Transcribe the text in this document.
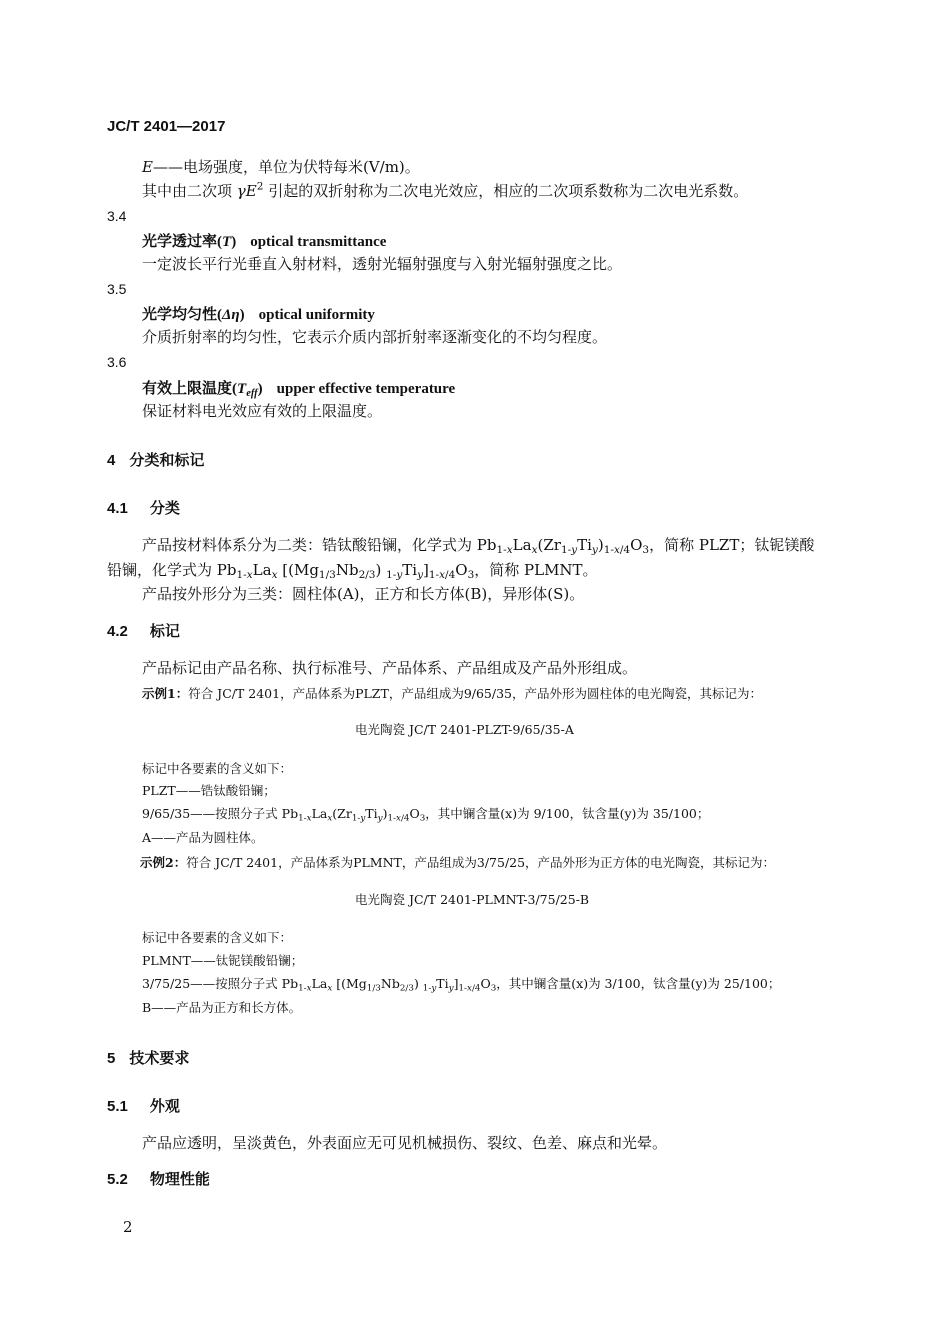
JC/T 2401—2017
E——电场强度，单位为伏特每米(V/m)。
其中由二次项 $\gamma E^2$ 引起的双折射称为二次电光效应，相应的二次项系数称为二次电光系数。
3.4
光学透过率(T) optical transmittance
一定波长平行光垂直入射材料，透射光辐射强度与入射光辐射强度之比。
3.5
光学均匀性(Δη) optical uniformity
介质折射率的均匀性，它表示介质内部折射率逐渐变化的不均匀程度。
3.6
有效上限温度$(T_{eff})$ upper effective temperature
保证材料电光效应有效的上限温度。
4 分类和标记
4.1 分类
产品按材料体系分为二类：锆钛酸铅镧，化学式为 $Pb_{1-x}La_x(Zr_{1-y}Ti_y)_{1-x/4}O_3$，简称 PLZT；钛铌镁酸
铅镧，化学式为 $Pb_{1-x}La_x$ [$(Mg_{1/3}Nb_{2/3})$ $_{1-y}Ti_y]_{1-x/4}O_3$，简称 PLMNT。
产品按外形分为三类：圆柱体(A)，正方和长方体(B)，异形体(S)。
4.2 标记
产品标记由产品名称、执行标准号、产品体系、产品组成及产品外形组成。
示例1：符合 JC/T 2401，产品体系为PLZT，产品组成为9/65/35，产品外形为圆柱体的电光陶瓷，其标记为：
电光陶瓷 JC/T 2401-PLZT-9/65/35-A
标记中各要素的含义如下：
PLZT——锆钛酸铅镧；
9/65/35——按照分子式 $Pb_{1-x}La_x(Zr_{1-y}Ti_y)_{1-x/4}O_3$，其中镧含量(x)为 9/100，钛含量(y)为 35/100；
A——产品为圆柱体。
示例2：符合 JC/T 2401，产品体系为PLMNT，产品组成为3/75/25，产品外形为正方体的电光陶瓷，其标记为：
电光陶瓷 JC/T 2401-PLMNT-3/75/25-B
标记中各要素的含义如下：
PLMNT——钛铌镁酸铅镧；
3/75/25——按照分子式 $Pb_{1-x}La_x$ [$(Mg_{1/3}Nb_{2/3})$ $_{1-y}Ti_y]_{1-x/4}O_3$，其中镧含量(x)为 3/100，钛含量(y)为 25/100；
B——产品为正方和长方体。
5 技术要求
5.1 外观
产品应透明，呈淡黄色，外表面应无可见机械损伤、裂纹、色差、麻点和光晕。
5.2 物理性能
2
